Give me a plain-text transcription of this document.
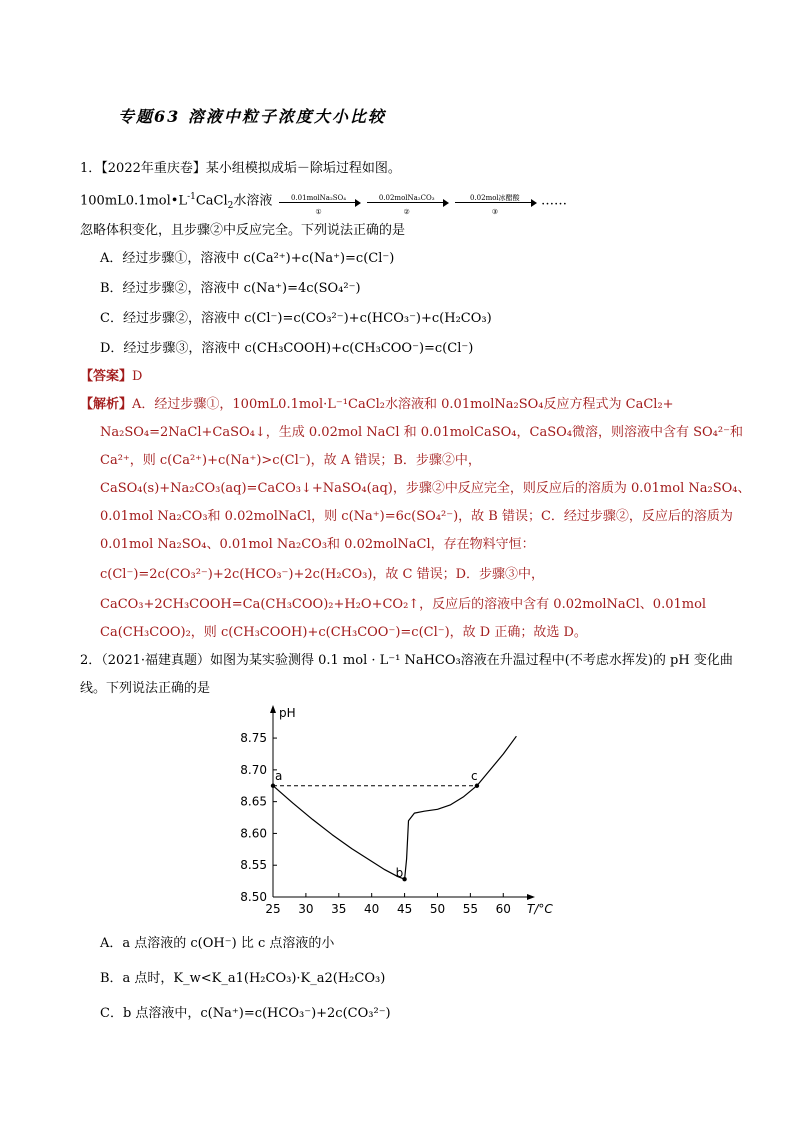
专题63 溶液中粒子浓度大小比较
1．【2022年重庆卷】某小组模拟成垢－除垢过程如图。
$100mL0.1mol•L^{-1}CaCl_2$水溶液	0.01molNa₂SO₄
①

0.02molNa₂CO₃
②

0.02mol冰醋酸
③
……
忽略体积变化，且步骤②中反应完全。下列说法正确的是
A．经过步骤①，溶液中 c(Ca²⁺)+c(Na⁺)=c(Cl⁻)
B．经过步骤②，溶液中 c(Na⁺)=4c(SO₄²⁻)
C．经过步骤②，溶液中 c(Cl⁻)=c(CO₃²⁻)+c(HCO₃⁻)+c(H₂CO₃)
D．经过步骤③，溶液中 c(CH₃COOH)+c(CH₃COO⁻)=c(Cl⁻)
【答案】D
【解析】A．经过步骤①，100mL0.1mol·L⁻¹CaCl₂水溶液和 0.01molNa₂SO₄反应方程式为 CaCl₂+
Na₂SO₄=2NaCl+CaSO₄↓，生成 0.02mol NaCl 和 0.01molCaSO₄，CaSO₄微溶，则溶液中含有 SO₄²⁻和
Ca²⁺，则 c(Ca²⁺)+c(Na⁺)>c(Cl⁻)，故 A 错误；B．步骤②中，
CaSO₄(s)+Na₂CO₃(aq)=CaCO₃↓+NaSO₄(aq)，步骤②中反应完全，则反应后的溶质为 0.01mol Na₂SO₄、
0.01mol Na₂CO₃和 0.02molNaCl，则 c(Na⁺)=6c(SO₄²⁻)，故 B 错误；C．经过步骤②，反应后的溶质为
0.01mol Na₂SO₄、0.01mol Na₂CO₃和 0.02molNaCl，存在物料守恒：
c(Cl⁻)=2c(CO₃²⁻)+2c(HCO₃⁻)+2c(H₂CO₃)，故 C 错误；D．步骤③中，
CaCO₃+2CH₃COOH=Ca(CH₃COO)₂+H₂O+CO₂↑，反应后的溶液中含有 0.02molNaCl、0.01mol
Ca(CH₃COO)₂，则 c(CH₃COOH)+c(CH₃COO⁻)=c(Cl⁻)，故 D 正确；故选 D。
2．（2021·福建真题）如图为某实验测得 0.1 mol · L⁻¹ NaHCO₃溶液在升温过程中(不考虑水挥发)的 pH 变化曲
线。下列说法正确的是
pH
T/°C
25 30 35 40 45 50 55 60
8.50
8.55
8.60
8.65
8.70
8.75
a
b
c
A．a 点溶液的 c(OH⁻) 比 c 点溶液的小
B．a 点时，K_w<K_a1(H₂CO₃)·K_a2(H₂CO₃)
C．b 点溶液中，c(Na⁺)=c(HCO₃⁻)+2c(CO₃²⁻)
